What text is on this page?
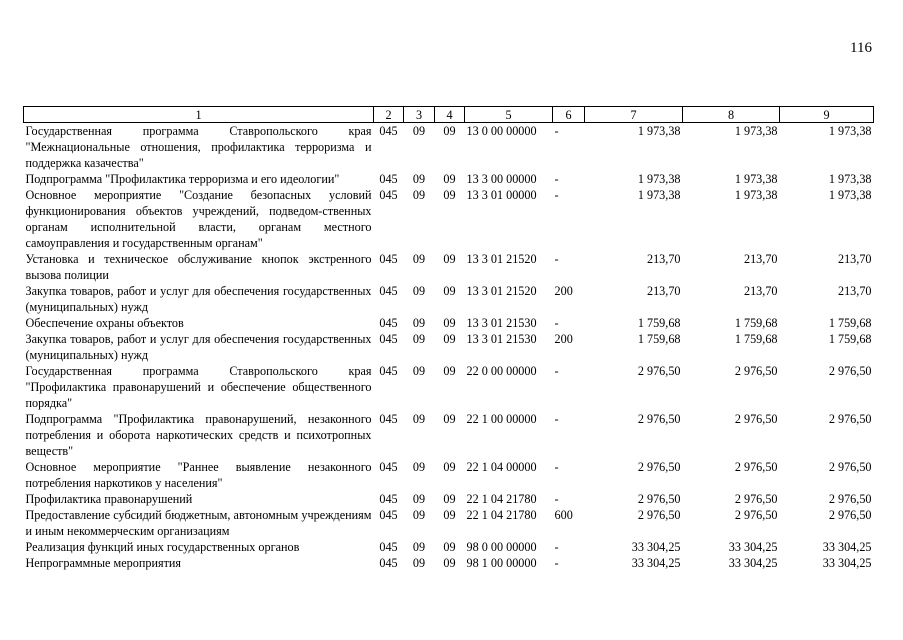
116
1	2	3	4	5	6	7	8	9
Государственная программа Ставропольского края "Межнациональные отношения, профилактика терроризма и поддержка казачества"	045	09	09	13 0 00 00000	-	1 973,38	1 973,38	1 973,38
Подпрограмма "Профилактика терроризма и его идеологии"	045	09	09	13 3 00 00000	-	1 973,38	1 973,38	1 973,38
Основное мероприятие "Создание безопасных условий функционирования объектов учреждений, подведом-ственных органам исполнительной власти, органам местного самоуправления и государственным органам"	045	09	09	13 3 01 00000	-	1 973,38	1 973,38	1 973,38
Установка и техническое обслуживание кнопок экстренного вызова полиции	045	09	09	13 3 01 21520	-	213,70	213,70	213,70
Закупка товаров, работ и услуг для обеспечения государственных (муниципальных) нужд	045	09	09	13 3 01 21520	200	213,70	213,70	213,70
Обеспечение охраны объектов	045	09	09	13 3 01 21530	-	1 759,68	1 759,68	1 759,68
Закупка товаров, работ и услуг для обеспечения государственных (муниципальных) нужд	045	09	09	13 3 01 21530	200	1 759,68	1 759,68	1 759,68
Государственная программа Ставропольского края "Профилактика правонарушений и обеспечение общественного порядка"	045	09	09	22 0 00 00000	-	2 976,50	2 976,50	2 976,50
Подпрограмма "Профилактика правонарушений, незаконного потребления и оборота наркотических средств и психотропных веществ"	045	09	09	22 1 00 00000	-	2 976,50	2 976,50	2 976,50
Основное мероприятие "Раннее выявление незаконного потребления наркотиков у населения"	045	09	09	22 1 04 00000	-	2 976,50	2 976,50	2 976,50
Профилактика правонарушений	045	09	09	22 1 04 21780	-	2 976,50	2 976,50	2 976,50
Предоставление субсидий бюджетным, автономным учреждениям и иным некоммерческим организациям	045	09	09	22 1 04 21780	600	2 976,50	2 976,50	2 976,50
Реализация функций иных государственных органов	045	09	09	98 0 00 00000	-	33 304,25	33 304,25	33 304,25
Непрограммные мероприятия	045	09	09	98 1 00 00000	-	33 304,25	33 304,25	33 304,25
